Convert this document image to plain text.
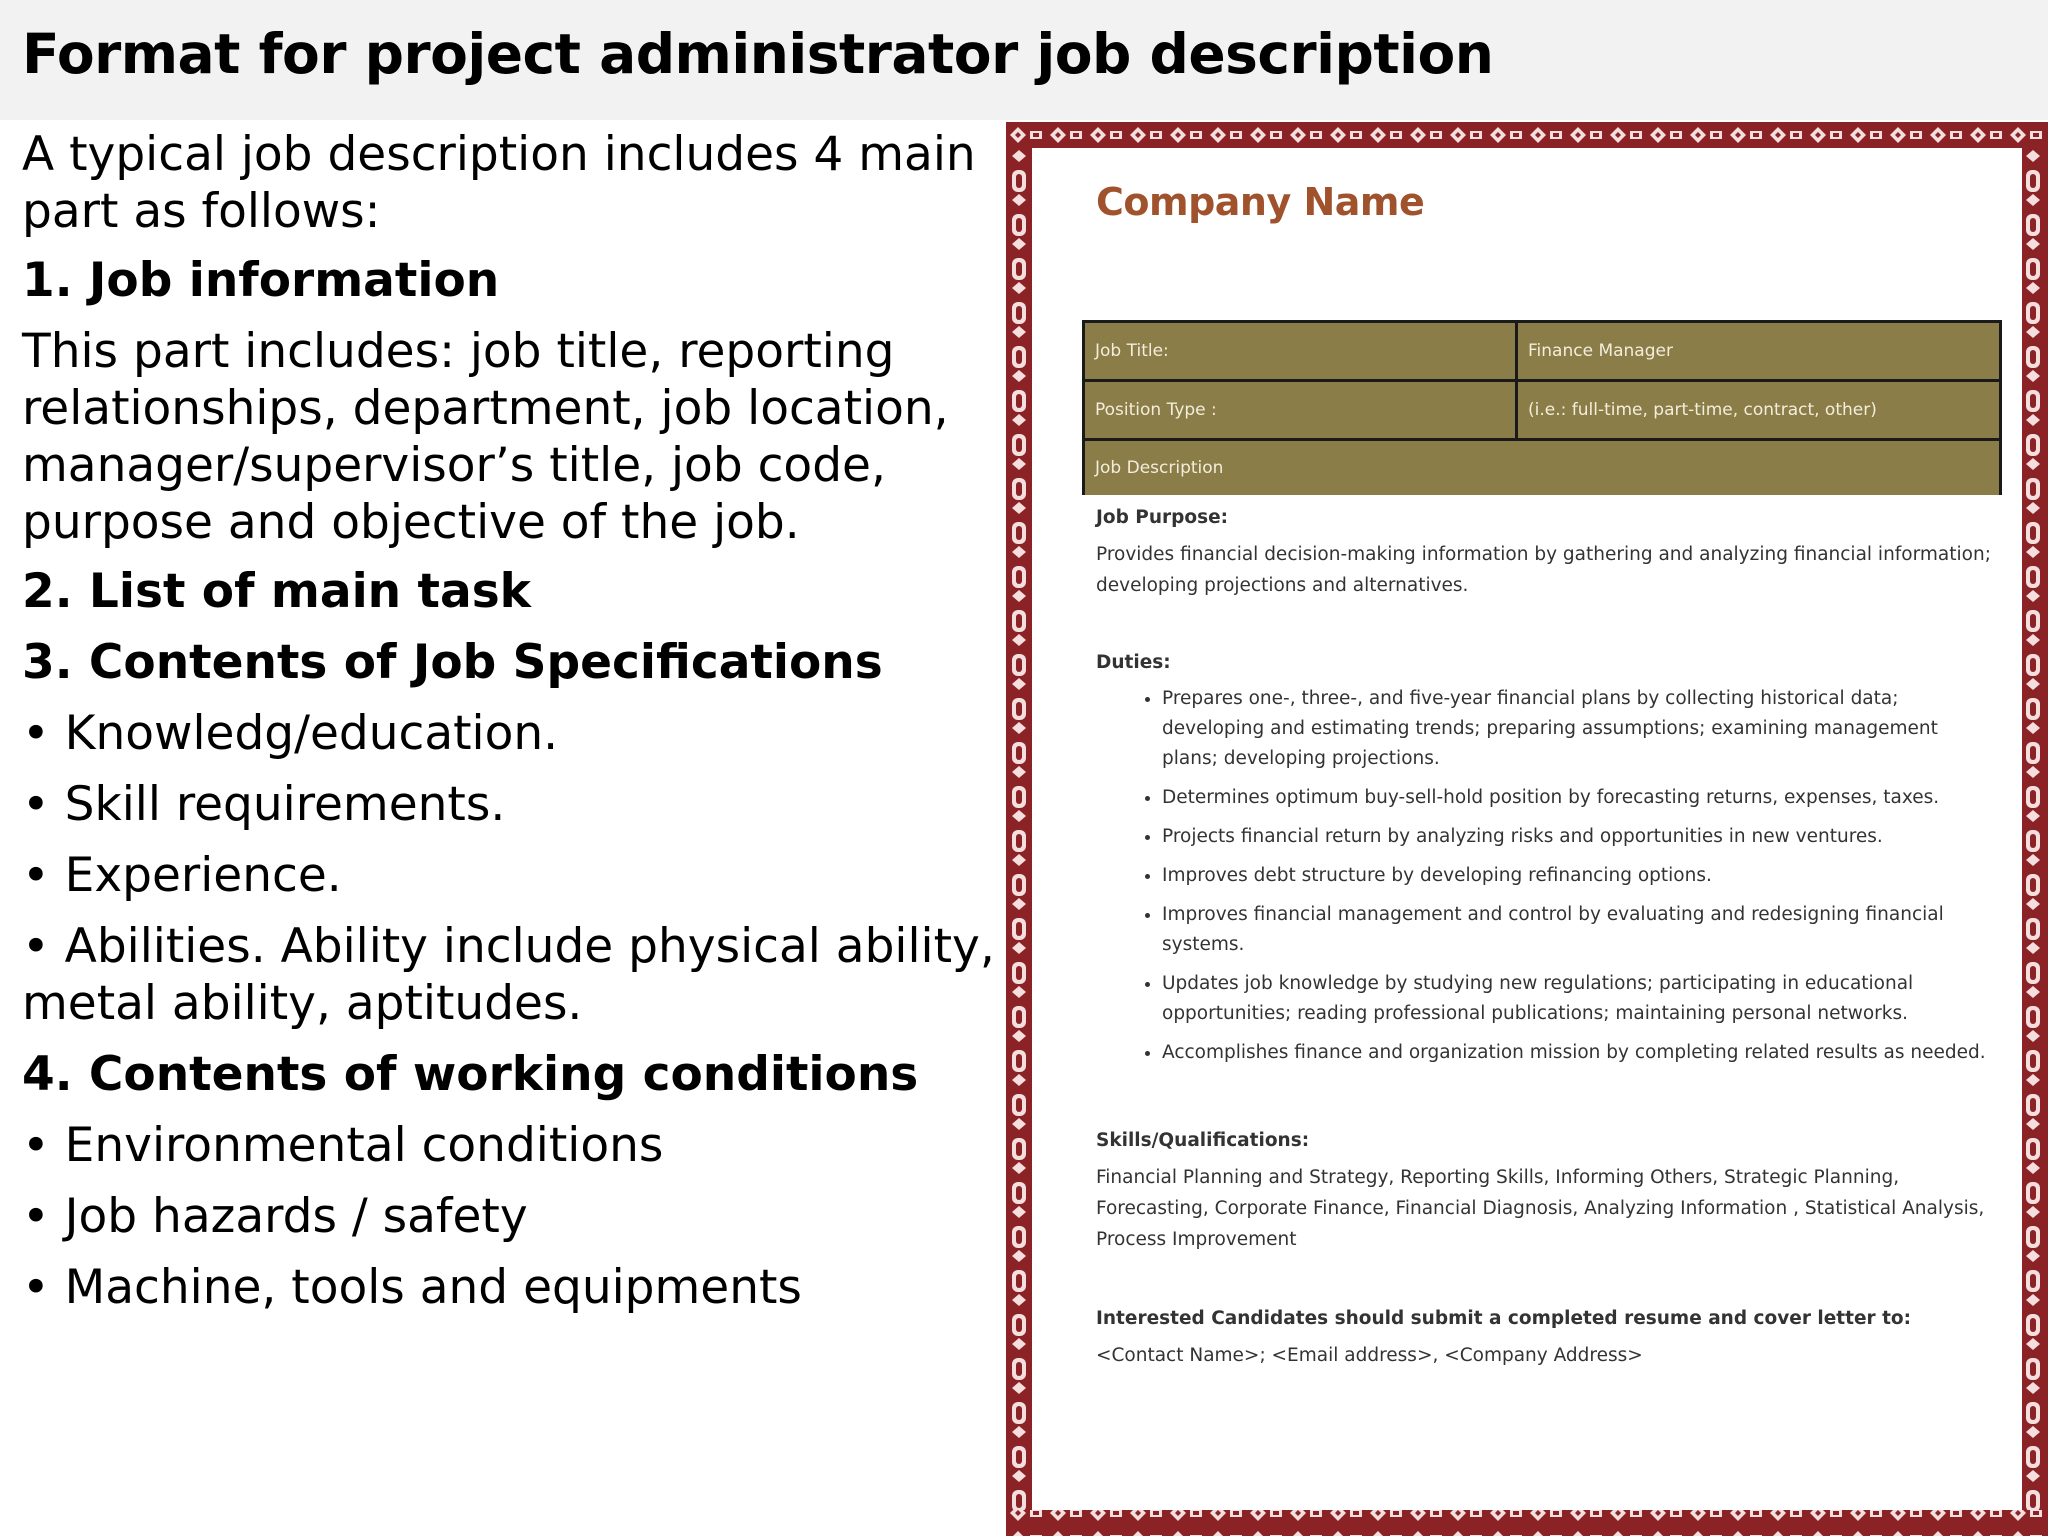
Format for project administrator job description

A typical job description includes 4 main part as follows:

1. Job information

This part includes: job title, reporting relationships, department, job location, manager/supervisor’s title, job code, purpose and objective of the job.

2. List of main task

3. Contents of Job Specifications

• Knowledg/education.

• Skill requirements.

• Experience.

• Abilities. Ability include physical ability, metal ability, aptitudes.

4. Contents of working conditions

• Environmental conditions

• Job hazards / safety

• Machine, tools and equipments

Company Name
Job Title:	Finance Manager
Position Type :	(i.e.: full-time, part-time, contract, other)
Job Description	

Job Purpose:

Provides financial decision-making information by gathering and analyzing financial information; developing projections and alternatives.

Duties:

• Prepares one-, three-, and five-year financial plans by collecting historical data; developing and estimating trends; preparing assumptions; examining management plans; developing projections.
• Determines optimum buy-sell-hold position by forecasting returns, expenses, taxes.
• Projects financial return by analyzing risks and opportunities in new ventures.
• Improves debt structure by developing refinancing options.
• Improves financial management and control by evaluating and redesigning financial systems.
• Updates job knowledge by studying new regulations; participating in educational opportunities; reading professional publications; maintaining personal networks.
• Accomplishes finance and organization mission by completing related results as needed.

Skills/Qualifications:

Financial Planning and Strategy, Reporting Skills, Informing Others, Strategic Planning, Forecasting, Corporate Finance, Financial Diagnosis, Analyzing Information , Statistical Analysis, Process Improvement

Interested Candidates should submit a completed resume and cover letter to:

<Contact Name>; <Email address>, <Company Address>
